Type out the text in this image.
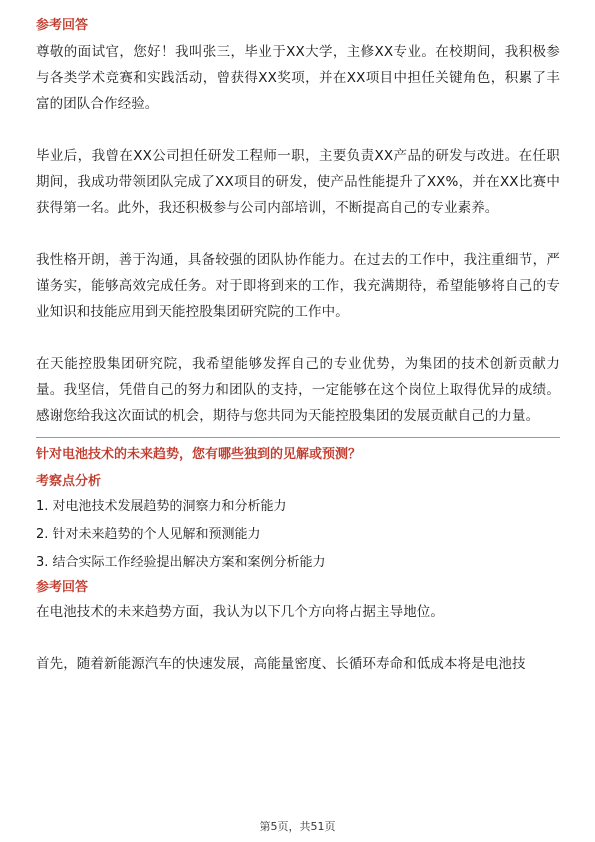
参考回答

尊敬的面试官，您好！我叫张三，毕业于XX大学，主修XX专业。在校期间，我积极参与各类学术竞赛和实践活动，曾获得XX奖项，并在XX项目中担任关键角色，积累了丰富的团队合作经验。

毕业后，我曾在XX公司担任研发工程师一职，主要负责XX产品的研发与改进。在任职期间，我成功带领团队完成了XX项目的研发，使产品性能提升了XX%，并在XX比赛中获得第一名。此外，我还积极参与公司内部培训，不断提高自己的专业素养。

我性格开朗，善于沟通，具备较强的团队协作能力。在过去的工作中，我注重细节，严谨务实，能够高效完成任务。对于即将到来的工作，我充满期待，希望能够将自己的专业知识和技能应用到天能控股集团研究院的工作中。

在天能控股集团研究院，我希望能够发挥自己的专业优势，为集团的技术创新贡献力量。我坚信，凭借自己的努力和团队的支持，一定能够在这个岗位上取得优异的成绩。感谢您给我这次面试的机会，期待与您共同为天能控股集团的发展贡献自己的力量。

针对电池技术的未来趋势，您有哪些独到的见解或预测？

考察点分析

1. 对电池技术发展趋势的洞察力和分析能力

2. 针对未来趋势的个人见解和预测能力

3. 结合实际工作经验提出解决方案和案例分析能力

参考回答

在电池技术的未来趋势方面，我认为以下几个方向将占据主导地位。

首先，随着新能源汽车的快速发展，高能量密度、长循环寿命和低成本将是电池技

第5页，共51页
